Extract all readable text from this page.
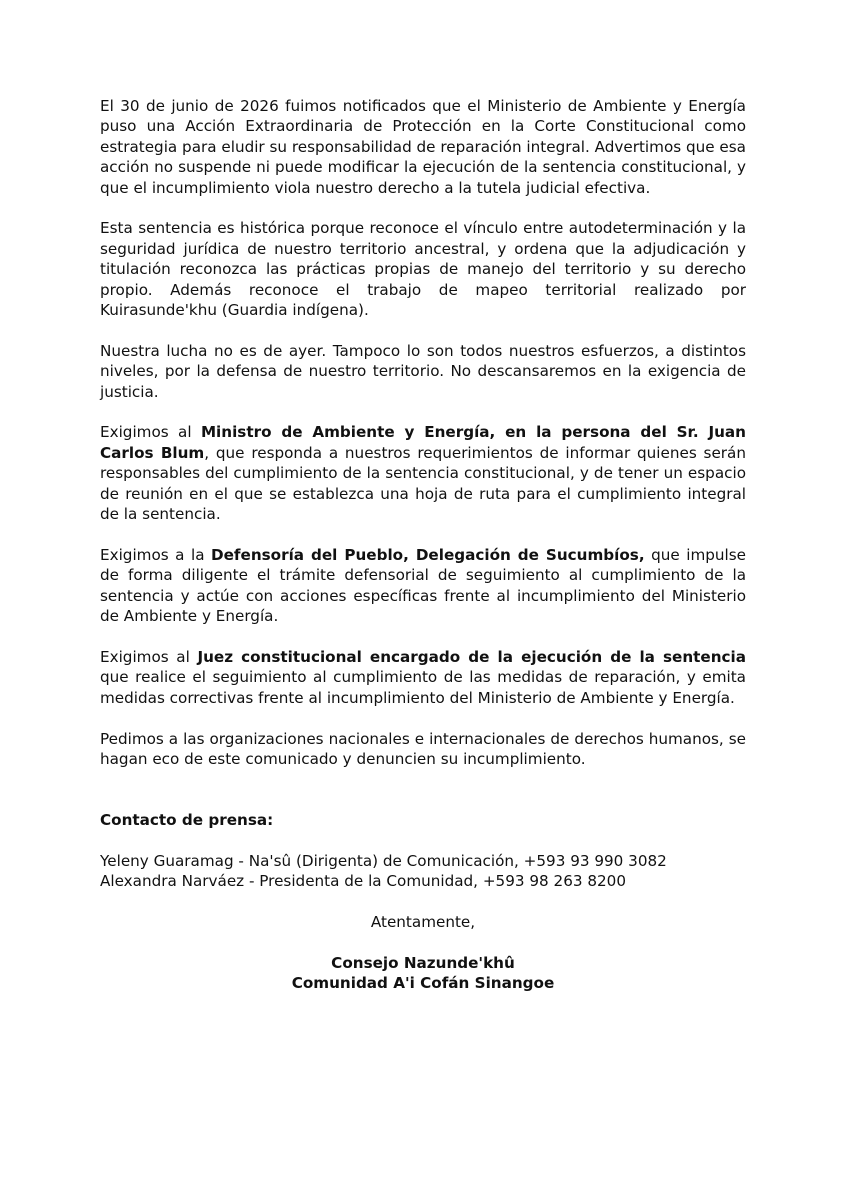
El 30 de junio de 2026 fuimos notificados que el Ministerio de Ambiente y Energía puso una Acción Extraordinaria de Protección en la Corte Constitucional como estrategia para eludir su responsabilidad de reparación integral. Advertimos que esa acción no suspende ni puede modificar la ejecución de la sentencia constitucional, y que el incumplimiento viola nuestro derecho a la tutela judicial efectiva.

Esta sentencia es histórica porque reconoce el vínculo entre autodeterminación y la seguridad jurídica de nuestro territorio ancestral, y ordena que la adjudicación y titulación reconozca las prácticas propias de manejo del territorio y su derecho propio. Además reconoce el trabajo de mapeo territorial realizado por Kuirasunde'khu (Guardia indígena).

Nuestra lucha no es de ayer. Tampoco lo son todos nuestros esfuerzos, a distintos niveles, por la defensa de nuestro territorio. No descansaremos en la exigencia de justicia.

Exigimos al Ministro de Ambiente y Energía, en la persona del Sr. Juan Carlos Blum, que responda a nuestros requerimientos de informar quienes serán responsables del cumplimiento de la sentencia constitucional, y de tener un espacio de reunión en el que se establezca una hoja de ruta para el cumplimiento integral de la sentencia.

Exigimos a la Defensoría del Pueblo, Delegación de Sucumbíos, que impulse de forma diligente el trámite defensorial de seguimiento al cumplimiento de la sentencia y actúe con acciones específicas frente al incumplimiento del Ministerio de Ambiente y Energía.

Exigimos al Juez constitucional encargado de la ejecución de la sentencia que realice el seguimiento al cumplimiento de las medidas de reparación, y emita medidas correctivas frente al incumplimiento del Ministerio de Ambiente y Energía.

Pedimos a las organizaciones nacionales e internacionales de derechos humanos, se hagan eco de este comunicado y denuncien su incumplimiento.

Contacto de prensa:
Yeleny Guaramag - Na'sû (Dirigenta) de Comunicación, +593 93 990 3082
Alexandra Narváez - Presidenta de la Comunidad, +593 98 263 8200
Atentamente,
Consejo Nazunde'khû
Comunidad A'i Cofán Sinangoe
